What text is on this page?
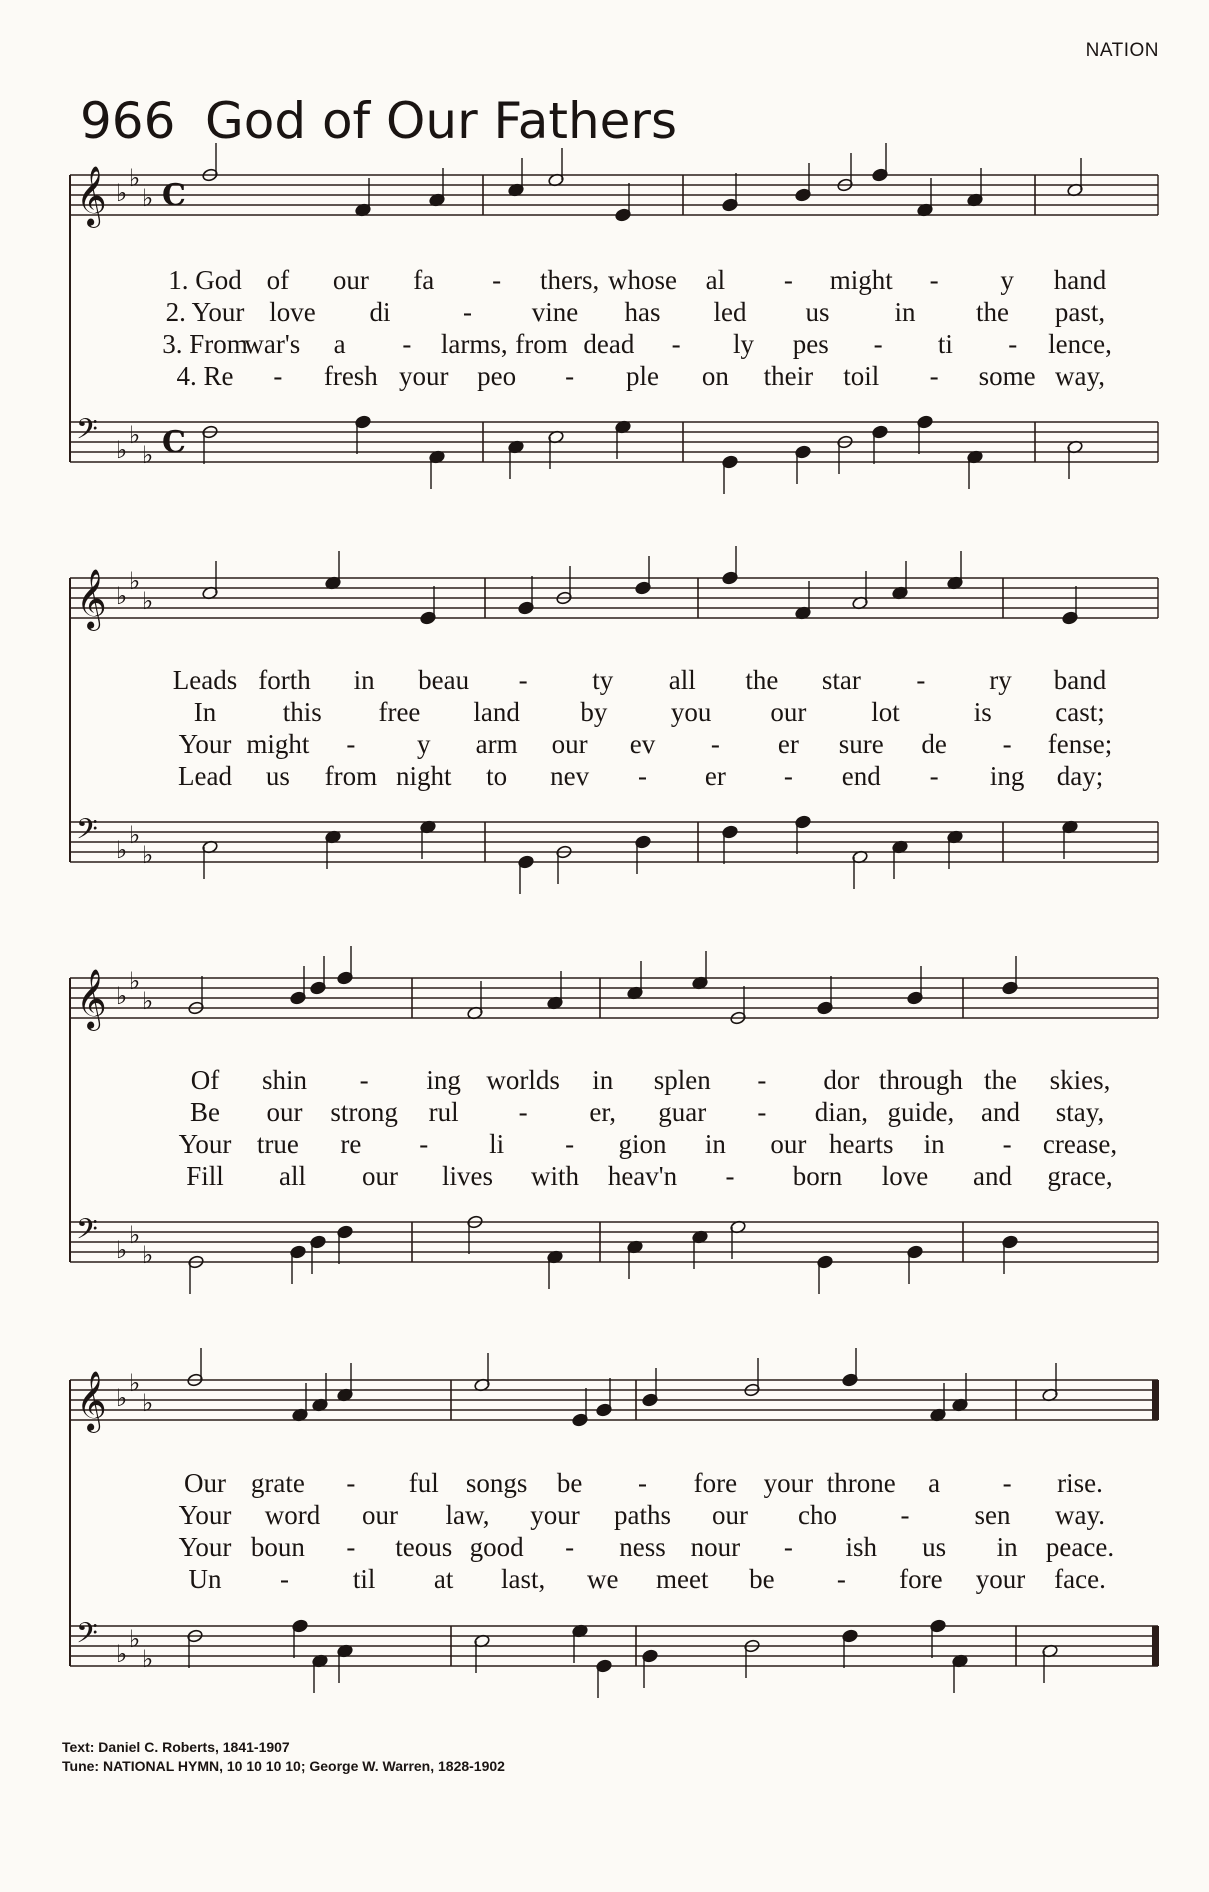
NATION
966 God of Our Fathers
𝄞 ♭
♭
♭ C
𝄢 ♭
♭
♭ C
1. God of our fa - thers, whose al - might - y hand
2. Your love di	- vine has led us in the past,
3. From
war's a - larms, from dead - ly pes - ti - lence,
4. Re - fresh your peo - ple on their toil - some way,
𝄞 ♭
♭
♭
𝄢 ♭
♭
♭
Leads forth in beau - ty all the star - ry band
In this free land by you our lot	is cast;
Your might - y arm our ev - er sure de - fense;
Lead us from night to nev - er - end - ing day;
𝄞 ♭
♭
♭
𝄢 ♭
♭
♭
Of shin - ing worlds in splen - dor through the skies,
Be our strong rul - er, guar - dian, guide, and stay,
Your true re - li - gion in our hearts in - crease,
Fill all our lives with heav'n - born love and grace,
𝄞 ♭
♭
♭
𝄢 ♭
♭
♭
Our grate - ful songs be - fore your throne a - rise.
Your word our law, your paths our cho - sen way.
Your boun - teous good - ness nour - ish us in peace.
Un - til at last, we meet be - fore your face.
Text: Daniel C. Roberts, 1841-1907
Tune: NATIONAL HYMN, 10 10 10 10; George W. Warren, 1828-1902
